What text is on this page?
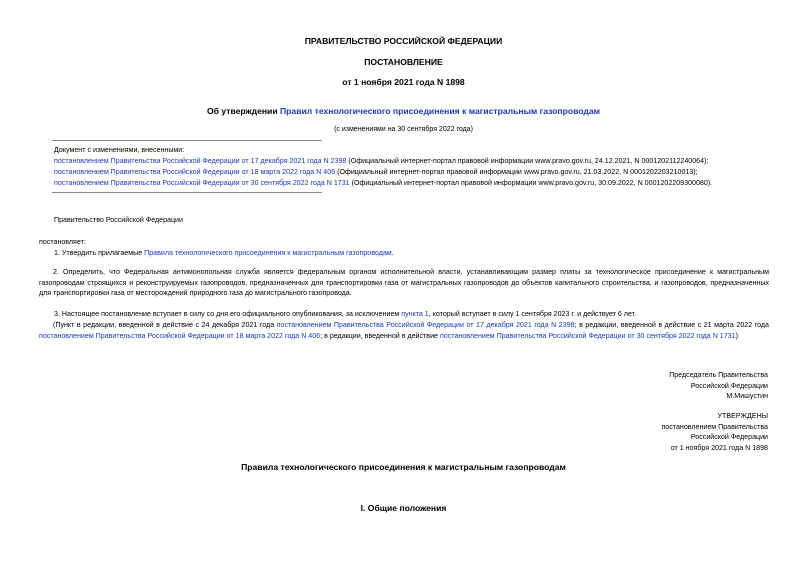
ПРАВИТЕЛЬСТВО РОССИЙСКОЙ ФЕДЕРАЦИИ
ПОСТАНОВЛЕНИЕ
от 1 ноября 2021 года N 1898
Об утверждении Правил технологического присоединения к магистральным газопроводам
(с изменениями на 30 сентября 2022 года)
Документ с изменениями, внесенными:
постановлением Правительства Российской Федерации от 17 декабря 2021 года N 2398 (Официальный интернет-портал правовой информации www.pravo.gov.ru, 24.12.2021, N 0001202112240064);
постановлением Правительства Российской Федерации от 18 марта 2022 года N 406 (Официальный интернет-портал правовой информации www.pravo.gov.ru, 21.03.2022, N 0001202203210013);
постановлением Правительства Российской Федерации от 30 сентября 2022 года N 1731 (Официальный интернет-портал правовой информации www.pravo.gov.ru, 30.09.2022, N 0001202209300080).
Правительство Российской Федерации
постановляет:
1. Утвердить прилагаемые Правила технологического присоединения к магистральным газопроводам.
2. Определить, что Федеральная антимонопольная служба является федеральным органом исполнительной власти, устанавливающим размер платы за технологическое присоединение к магистральным газопроводам строящихся и реконструируемых газопроводов, предназначенных для транспортировки газа от магистральных газопроводов до объектов капитального строительства, и газопроводов, предназначенных для транспортировки газа от месторождений природного газа до магистрального газопровода.
3. Настоящее постановление вступает в силу со дня его официального опубликования, за исключением пункта 1, который вступает в силу 1 сентября 2023 г. и действует 6 лет.
(Пункт в редакции, введенной в действие с 24 декабря 2021 года постановлением Правительства Российской Федерации от 17 декабря 2021 года N 2398; в редакции, введенной в действие с 21 марта 2022 года постановлением Правительства Российской Федерации от 18 марта 2022 года N 406; в редакции, введенной в действие постановлением Правительства Российской Федерации от 30 сентября 2022 года N 1731)
Председатель Правительства
Российской Федерации
М.Мишустин
УТВЕРЖДЕНЫ
постановлением Правительства
Российской Федерации
от 1 ноября 2021 года N 1898
Правила технологического присоединения к магистральным газопроводам
I. Общие положения
